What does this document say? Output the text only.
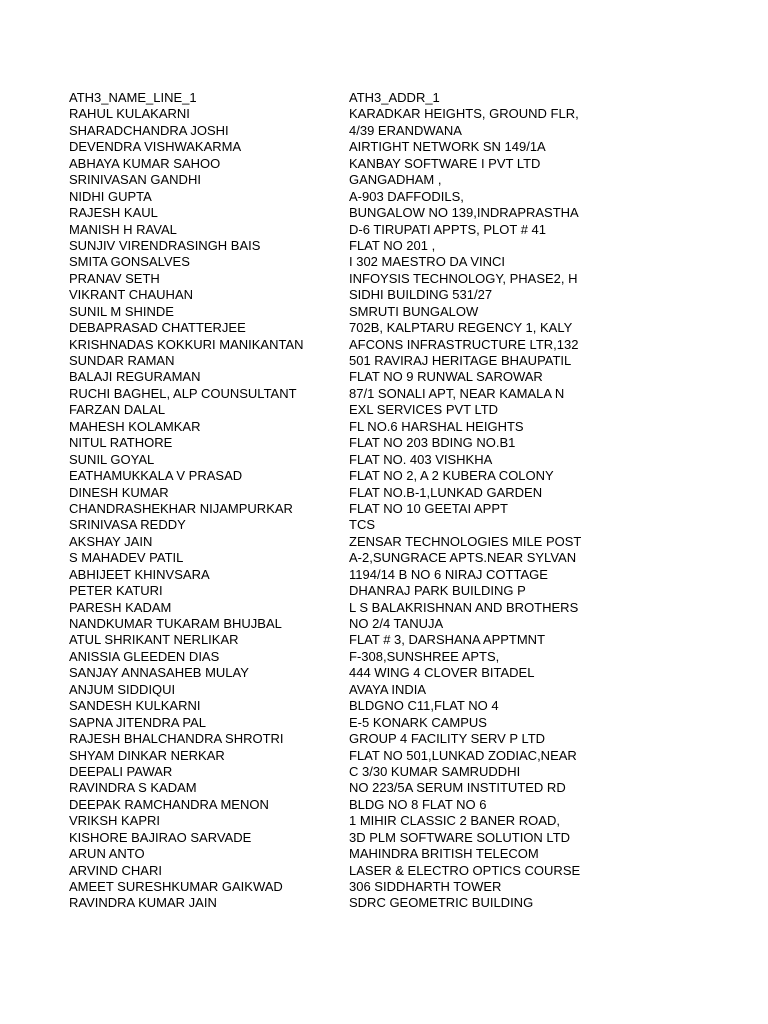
ATH3_NAME_LINE_1	ATH3_ADDR_1
RAHUL KULAKARNI	KARADKAR HEIGHTS, GROUND FLR,
SHARADCHANDRA JOSHI	4/39 ERANDWANA
DEVENDRA VISHWAKARMA	AIRTIGHT NETWORK SN 149/1A
ABHAYA KUMAR SAHOO	KANBAY SOFTWARE I PVT LTD
SRINIVASAN GANDHI	GANGADHAM ,
NIDHI GUPTA	A-903 DAFFODILS,
RAJESH KAUL	BUNGALOW NO 139,INDRAPRASTHA
MANISH H RAVAL	D-6 TIRUPATI APPTS, PLOT # 41
SUNJIV VIRENDRASINGH BAIS	FLAT NO 201 ,
SMITA GONSALVES	I 302 MAESTRO DA VINCI
PRANAV SETH	INFOYSIS TECHNOLOGY, PHASE2, H
VIKRANT CHAUHAN	SIDHI BUILDING 531/27
SUNIL M SHINDE	SMRUTI BUNGALOW
DEBAPRASAD CHATTERJEE	702B, KALPTARU REGENCY 1, KALY
KRISHNADAS KOKKURI MANIKANTAN	AFCONS INFRASTRUCTURE LTR,132
SUNDAR RAMAN	501 RAVIRAJ HERITAGE BHAUPATIL
BALAJI REGURAMAN	FLAT NO 9 RUNWAL SAROWAR
RUCHI BAGHEL, ALP COUNSULTANT	87/1 SONALI APT, NEAR KAMALA N
FARZAN DALAL	EXL SERVICES PVT LTD
MAHESH KOLAMKAR	FL NO.6 HARSHAL HEIGHTS
NITUL RATHORE	FLAT NO 203 BDING NO.B1
SUNIL GOYAL	FLAT NO. 403 VISHKHA
EATHAMUKKALA V PRASAD	FLAT NO 2, A 2 KUBERA COLONY
DINESH KUMAR	FLAT NO.B-1,LUNKAD GARDEN
CHANDRASHEKHAR NIJAMPURKAR	FLAT NO 10 GEETAI APPT
SRINIVASA REDDY	TCS
AKSHAY JAIN	ZENSAR TECHNOLOGIES MILE POST
S MAHADEV PATIL	A-2,SUNGRACE APTS.NEAR SYLVAN
ABHIJEET KHINVSARA	1194/14 B NO 6 NIRAJ COTTAGE
PETER KATURI	DHANRAJ PARK BUILDING P
PARESH KADAM	L S BALAKRISHNAN AND BROTHERS
NANDKUMAR TUKARAM BHUJBAL	NO 2/4 TANUJA
ATUL SHRIKANT NERLIKAR	FLAT # 3, DARSHANA APPTMNT
ANISSIA GLEEDEN DIAS	F-308,SUNSHREE APTS,
SANJAY ANNASAHEB MULAY	444 WING 4 CLOVER BITADEL
ANJUM SIDDIQUI	AVAYA INDIA
SANDESH KULKARNI	BLDGNO C11,FLAT NO 4
SAPNA JITENDRA PAL	E-5 KONARK CAMPUS
RAJESH BHALCHANDRA SHROTRI	GROUP 4 FACILITY SERV P LTD
SHYAM DINKAR NERKAR	FLAT NO 501,LUNKAD ZODIAC,NEAR
DEEPALI PAWAR	C 3/30 KUMAR SAMRUDDHI
RAVINDRA S KADAM	NO 223/5A SERUM INSTITUTED RD
DEEPAK RAMCHANDRA MENON	BLDG NO 8 FLAT NO 6
VRIKSH KAPRI	1 MIHIR CLASSIC 2 BANER ROAD,
KISHORE BAJIRAO SARVADE	3D PLM SOFTWARE SOLUTION LTD
ARUN ANTO	MAHINDRA BRITISH TELECOM
ARVIND CHARI	LASER & ELECTRO OPTICS COURSE
AMEET SURESHKUMAR GAIKWAD	306 SIDDHARTH TOWER
RAVINDRA KUMAR JAIN	SDRC GEOMETRIC BUILDING
